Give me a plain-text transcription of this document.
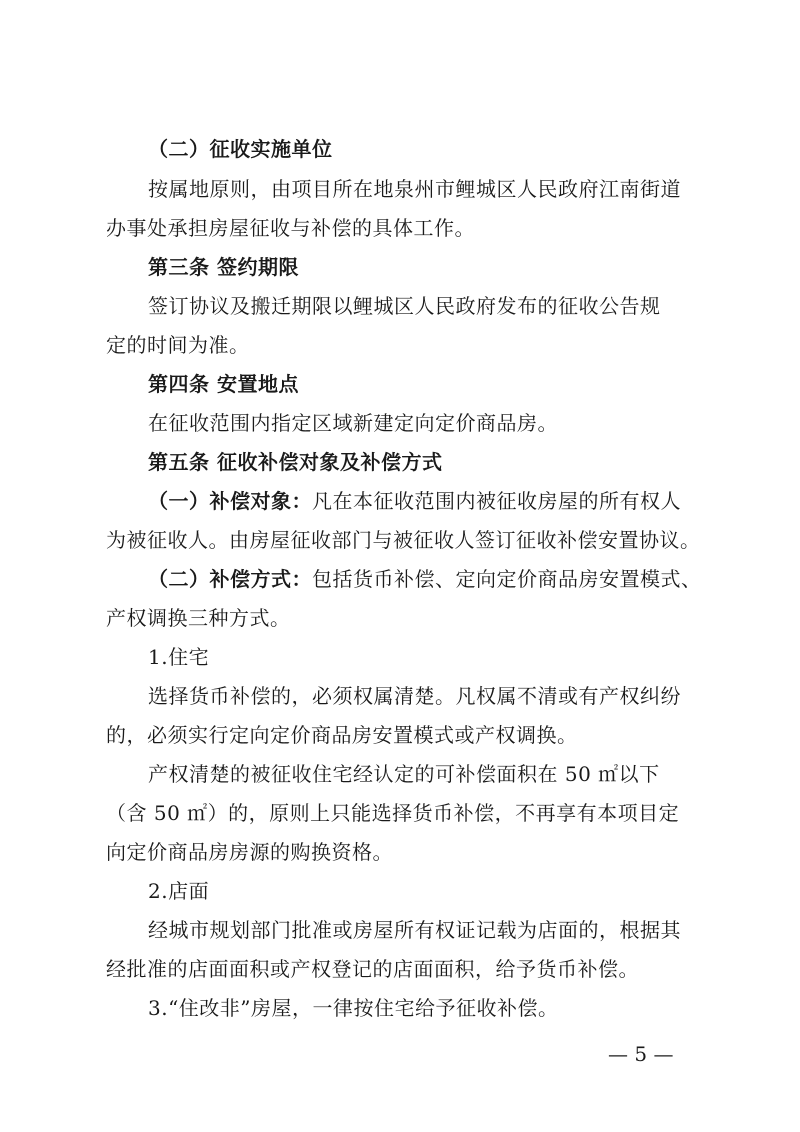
（二）征收实施单位
按属地原则，由项目所在地泉州市鲤城区人民政府江南街道
办事处承担房屋征收与补偿的具体工作。
第三条 签约期限
签订协议及搬迁期限以鲤城区人民政府发布的征收公告规
定的时间为准。
第四条 安置地点
在征收范围内指定区域新建定向定价商品房。
第五条 征收补偿对象及补偿方式
（一）补偿对象：凡在本征收范围内被征收房屋的所有权人
为被征收人。由房屋征收部门与被征收人签订征收补偿安置协议。
（二）补偿方式：包括货币补偿、定向定价商品房安置模式、
产权调换三种方式。
1.住宅
选择货币补偿的，必须权属清楚。凡权属不清或有产权纠纷
的，必须实行定向定价商品房安置模式或产权调换。
产权清楚的被征收住宅经认定的可补偿面积在 50 ㎡以下
（含 50 ㎡）的，原则上只能选择货币补偿，不再享有本项目定
向定价商品房房源的购换资格。
2.店面
经城市规划部门批准或房屋所有权证记载为店面的，根据其
经批准的店面面积或产权登记的店面面积，给予货币补偿。
3.“住改非”房屋，一律按住宅给予征收补偿。
— 5 —
